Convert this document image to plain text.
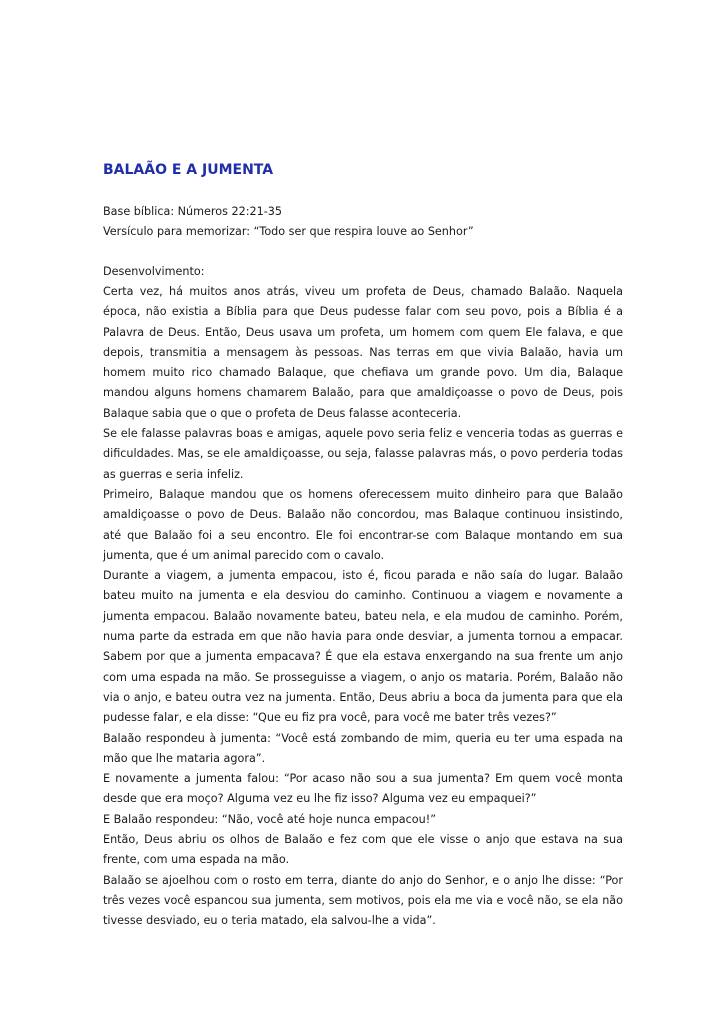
BALAÃO E A JUMENTA
Base bíblica: Números 22:21-35
Versículo para memorizar: “Todo ser que respira louve ao Senhor”
Desenvolvimento:

Certa vez, há muitos anos atrás, viveu um profeta de Deus, chamado Balaão. Naquela época, não existia a Bíblia para que Deus pudesse falar com seu povo, pois a Bíblia é a Palavra de Deus. Então, Deus usava um profeta, um homem com quem Ele falava, e que depois, transmitia a mensagem às pessoas. Nas terras em que vivia Balaão, havia um homem muito rico chamado Balaque, que chefiava um grande povo. Um dia, Balaque mandou alguns homens chamarem Balaão, para que amaldiçoasse o povo de Deus, pois Balaque sabia que o que o profeta de Deus falasse aconteceria.

Se ele falasse palavras boas e amigas, aquele povo seria feliz e venceria todas as guerras e dificuldades. Mas, se ele amaldiçoasse, ou seja, falasse palavras más, o povo perderia todas as guerras e seria infeliz.

Primeiro, Balaque mandou que os homens oferecessem muito dinheiro para que Balaão amaldiçoasse o povo de Deus. Balaão não concordou, mas Balaque continuou insistindo, até que Balaão foi a seu encontro. Ele foi encontrar-se com Balaque montando em sua jumenta, que é um animal parecido com o cavalo.

Durante a viagem, a jumenta empacou, isto é, ficou parada e não saía do lugar. Balaão bateu muito na jumenta e ela desviou do caminho. Continuou a viagem e novamente a jumenta empacou. Balaão novamente bateu, bateu nela, e ela mudou de caminho. Porém, numa parte da estrada em que não havia para onde desviar, a jumenta tornou a empacar. Sabem por que a jumenta empacava? É que ela estava enxergando na sua frente um anjo com uma espada na mão. Se prosseguisse a viagem, o anjo os mataria. Porém, Balaão não via o anjo, e bateu outra vez na jumenta. Então, Deus abriu a boca da jumenta para que ela pudesse falar, e ela disse: “Que eu fiz pra você, para você me bater três vezes?”

Balaão respondeu à jumenta: “Você está zombando de mim, queria eu ter uma espada na mão que lhe mataria agora”.

E novamente a jumenta falou: “Por acaso não sou a sua jumenta? Em quem você monta desde que era moço? Alguma vez eu lhe fiz isso? Alguma vez eu empaquei?”

E Balaão respondeu: “Não, você até hoje nunca empacou!”

Então, Deus abriu os olhos de Balaão e fez com que ele visse o anjo que estava na sua frente, com uma espada na mão.

Balaão se ajoelhou com o rosto em terra, diante do anjo do Senhor, e o anjo lhe disse: “Por três vezes você espancou sua jumenta, sem motivos, pois ela me via e você não, se ela não tivesse desviado, eu o teria matado, ela salvou-lhe a vida”.
